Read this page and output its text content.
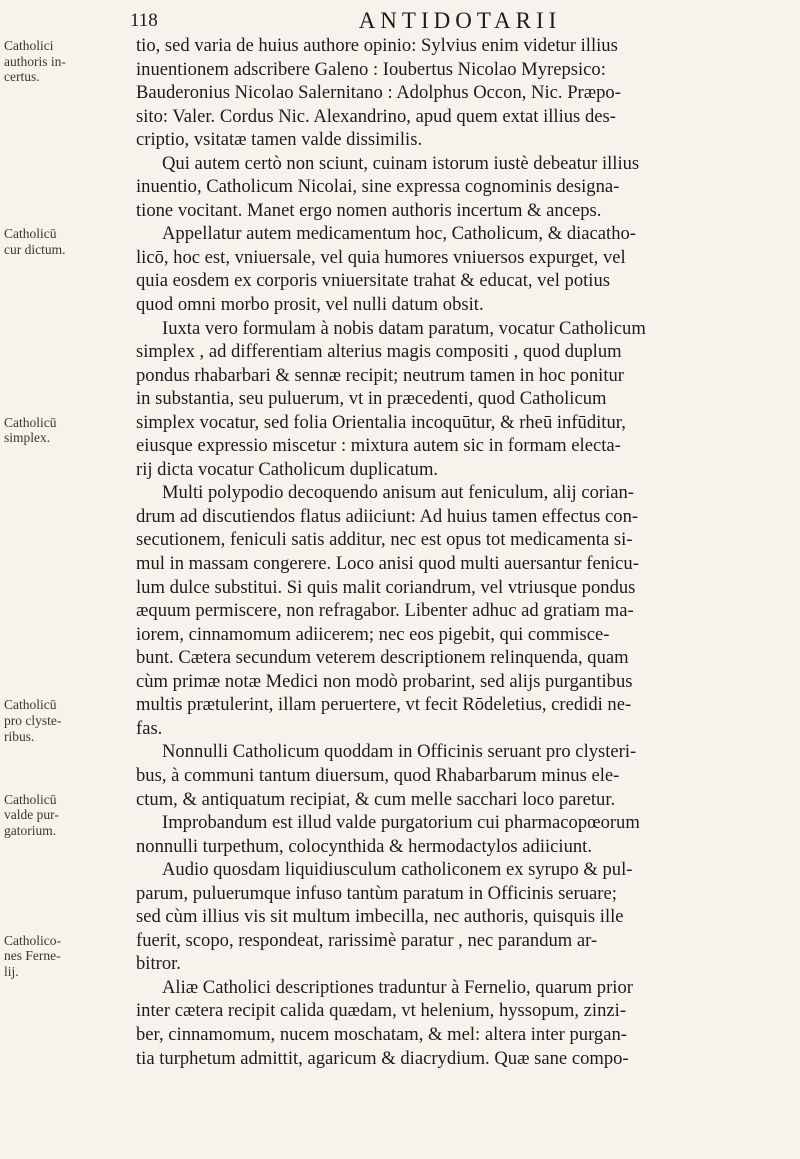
118	ANTIDOTARII
Catholici
authoris in-
certus.
Catholicū
cur dictum.
Catholicū
simplex.
Catholicū
pro clyste-
ribus.
Catholicū
valde pur-
gatorium.
Catholico-
nes Ferne-
lij.
tio, sed varia de huius authore opinio: Sylvius enim videtur illius
inuentionem adscribere Galeno : Ioubertus Nicolao Myrepsico:
Bauderonius Nicolao Salernitano : Adolphus Occon, Nic. Præpo-
sito: Valer. Cordus Nic. Alexandrino, apud quem extat illius des-
criptio, vsitatæ tamen valde dissimilis.
Qui autem certò non sciunt, cuinam istorum iustè debeatur illius
inuentio, Catholicum Nicolai, sine expressa cognominis designa-
tione vocitant. Manet ergo nomen authoris incertum & anceps.
Appellatur autem medicamentum hoc, Catholicum, & diacatho-
licō, hoc est, vniuersale, vel quia humores vniuersos expurget, vel
quia eosdem ex corporis vniuersitate trahat & educat, vel potius
quod omni morbo prosit, vel nulli datum obsit.
Iuxta vero formulam à nobis datam paratum, vocatur Catholicum
simplex , ad differentiam alterius magis compositi , quod duplum
pondus rhabarbari & sennæ recipit; neutrum tamen in hoc ponitur
in substantia, seu puluerum, vt in præcedenti, quod Catholicum
simplex vocatur, sed folia Orientalia incoquūtur, & rheū infūditur,
eiusque expressio miscetur : mixtura autem sic in formam electa-
rij dicta vocatur Catholicum duplicatum.
Multi polypodio decoquendo anisum aut feniculum, alij corian-
drum ad discutiendos flatus adiiciunt: Ad huius tamen effectus con-
secutionem, feniculi satis additur, nec est opus tot medicamenta si-
mul in massam congerere. Loco anisi quod multi auersantur fenicu-
lum dulce substitui. Si quis malit coriandrum, vel vtriusque pondus
æquum permiscere, non refragabor. Libenter adhuc ad gratiam ma-
iorem, cinnamomum adiicerem; nec eos pigebit, qui commisce-
bunt. Cætera secundum veterem descriptionem relinquenda, quam
cùm primæ notæ Medici non modò probarint, sed alijs purgantibus
multis prætulerint, illam peruertere, vt fecit Rōdeletius, credidi ne-
fas.
Nonnulli Catholicum quoddam in Officinis seruant pro clysteri-
bus, à communi tantum diuersum, quod Rhabarbarum minus ele-
ctum, & antiquatum recipiat, & cum melle sacchari loco paretur.
Improbandum est illud valde purgatorium cui pharmacopœorum
nonnulli turpethum, colocynthida & hermodactylos adiiciunt.
Audio quosdam liquidiusculum catholiconem ex syrupo & pul-
parum, puluerumque infuso tantùm paratum in Officinis seruare;
sed cùm illius vis sit multum imbecilla, nec authoris, quisquis ille
fuerit, scopo, respondeat, rarissimè paratur , nec parandum ar-
bitror.
Aliæ Catholici descriptiones traduntur à Fernelio, quarum prior
inter cætera recipit calida quædam, vt helenium, hyssopum, zinzi-
ber, cinnamomum, nucem moschatam, & mel: altera inter purgan-
tia turphetum admittit, agaricum & diacrydium. Quæ sane compo-
